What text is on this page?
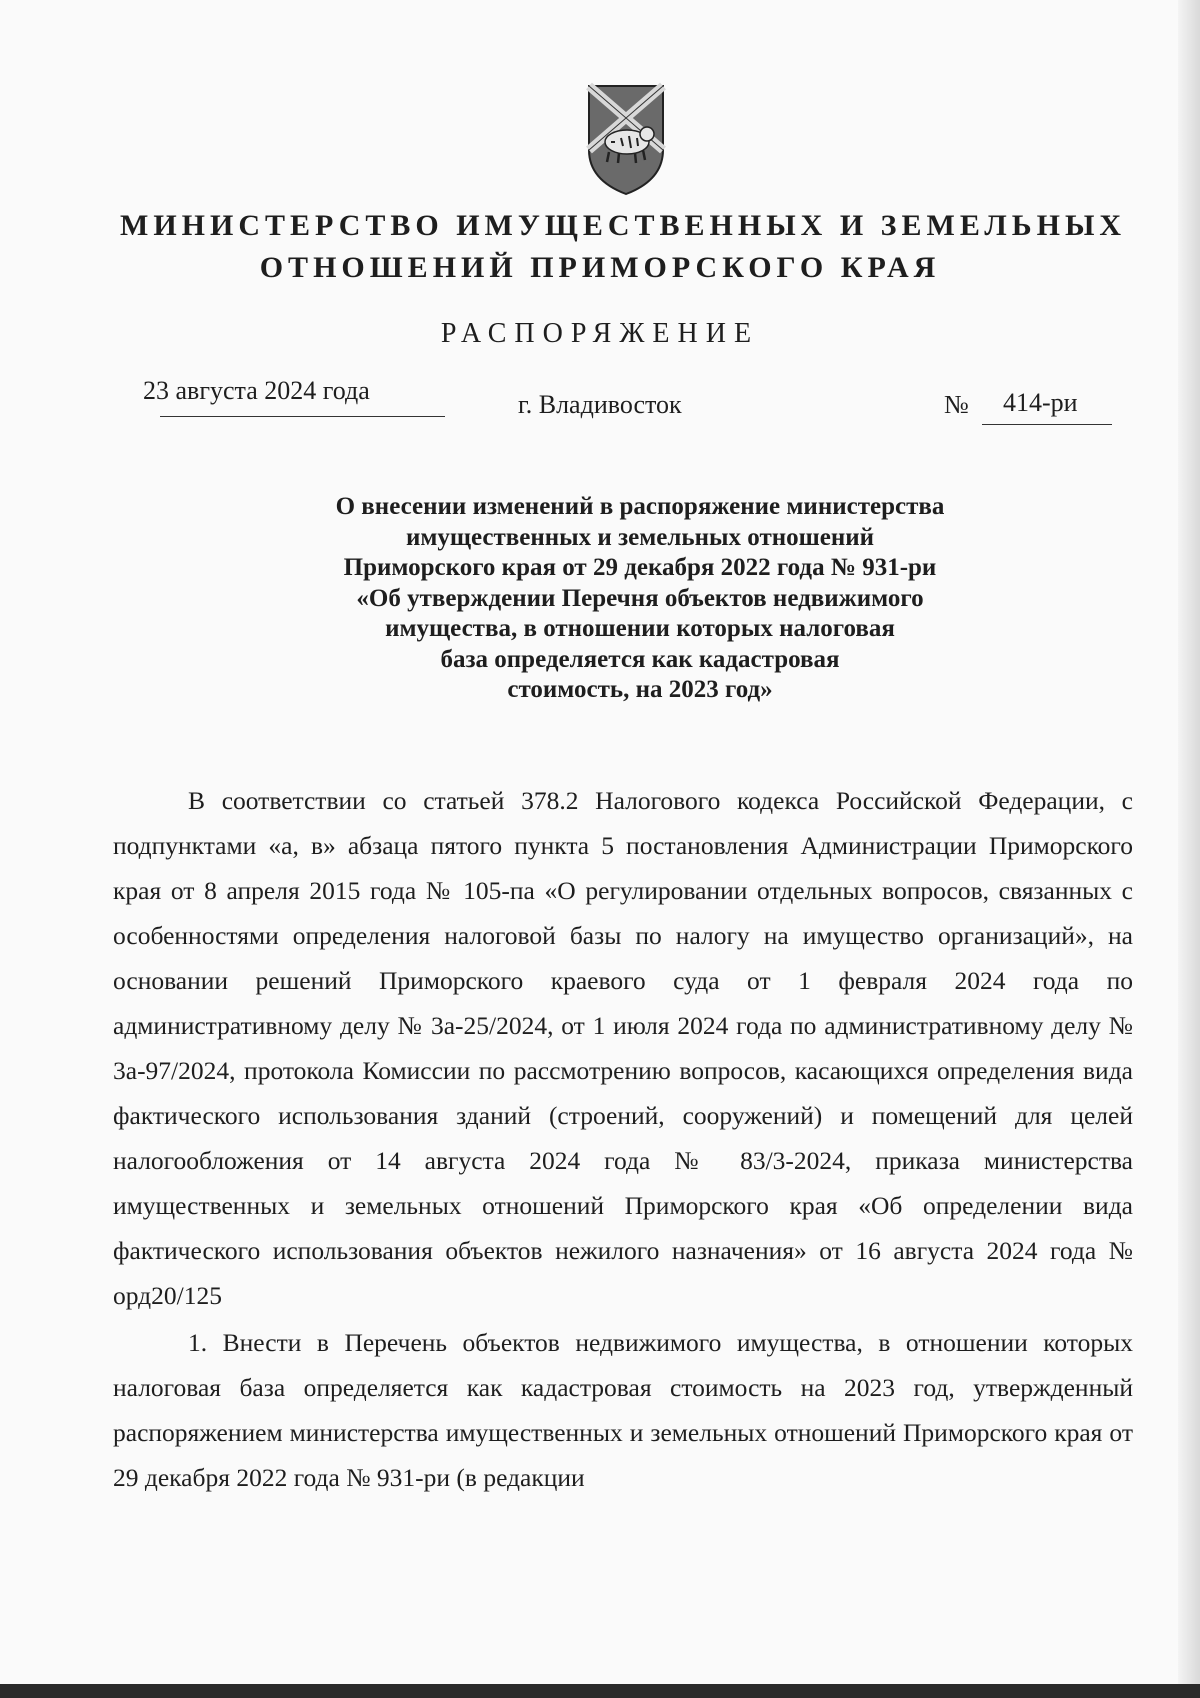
МИНИСТЕРСТВО ИМУЩЕСТВЕННЫХ И ЗЕМЕЛЬНЫХ
ОТНОШЕНИЙ ПРИМОРСКОГО КРАЯ
РАСПОРЯЖЕНИЕ
23 августа 2024 года	г. Владивосток	№ 414-ри
О внесении изменений в распоряжение министерства
имущественных и земельных отношений
Приморского края от 29 декабря 2022 года № 931-ри
«Об утверждении Перечня объектов недвижимого
имущества, в отношении которых налоговая
база определяется как кадастровая
стоимость, на 2023 год»

В соответствии со статьей 378.2 Налогового кодекса Российской Федерации, с подпунктами «а, в» абзаца пятого пункта 5 постановления Администрации Приморского края от 8 апреля 2015 года № 105-па «О регулировании отдельных вопросов, связанных с особенностями определения налоговой базы по налогу на имущество организаций», на основании решений Приморского краевого суда от 1 февраля 2024 года по административному делу № 3а-25/2024, от 1 июля 2024 года по административному делу № 3а-97/2024, протокола Комиссии по рассмотрению вопросов, касающихся определения вида фактического использования зданий (строений, сооружений) и помещений для целей налогообложения от 14 августа 2024 года № 83/3-2024, приказа министерства имущественных и земельных отношений Приморского края «Об определении вида фактического использования объектов нежилого назначения» от 16 августа 2024 года № орд20/125

1. Внести в Перечень объектов недвижимого имущества, в отношении которых налоговая база определяется как кадастровая стоимость на 2023 год, утвержденный распоряжением министерства имущественных и земельных отношений Приморского края от 29 декабря 2022 года № 931-ри (в редакции
